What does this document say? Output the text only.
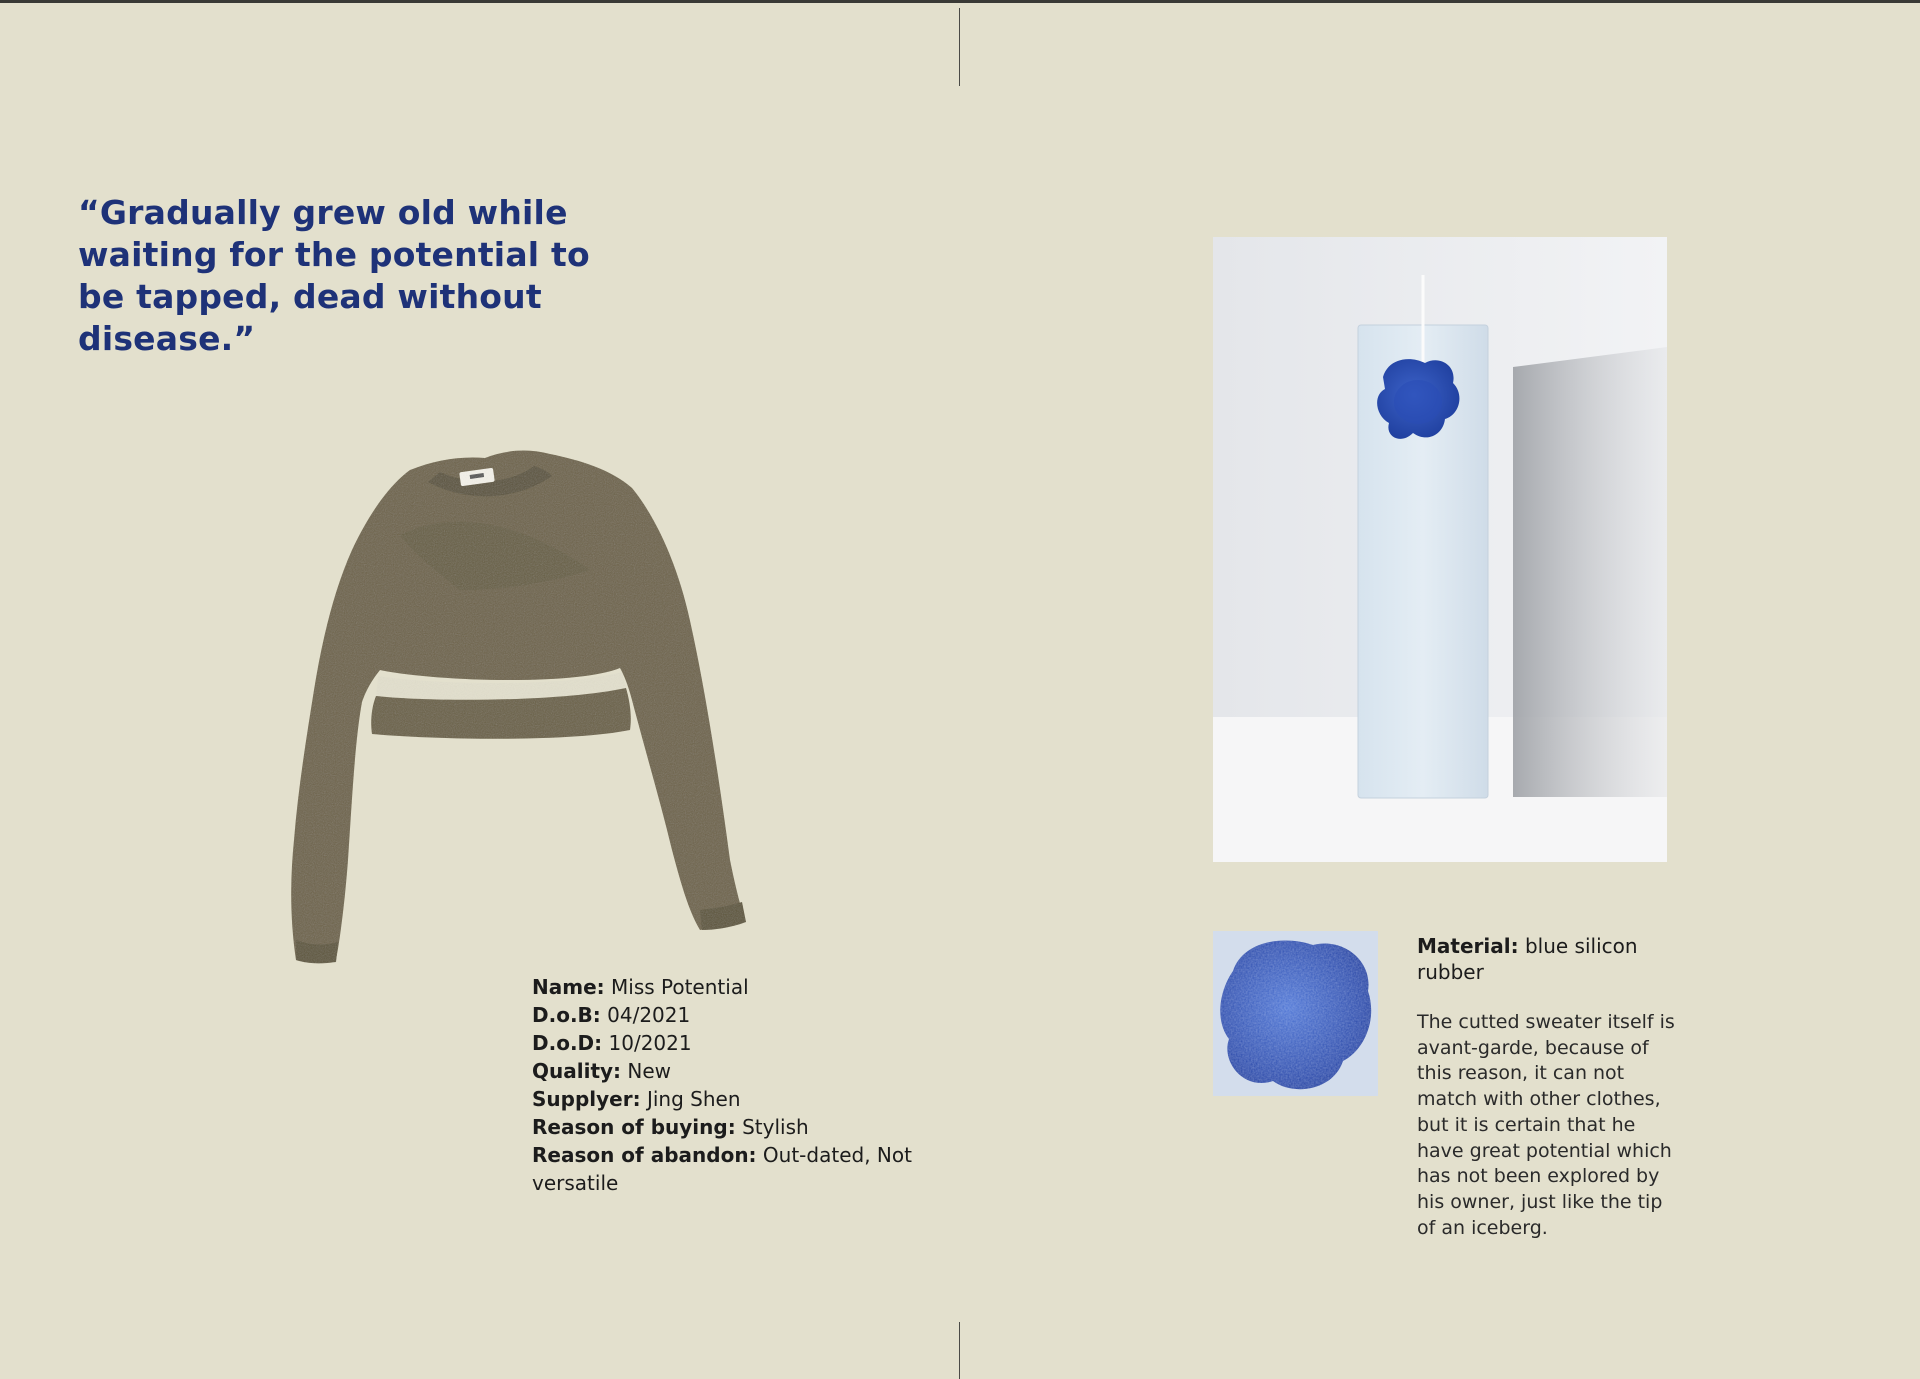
“Gradually grew old while waiting for the potential to be tapped, dead without disease.”

Name: Miss Potential

D.o.B: 04/2021

D.o.D: 10/2021

Quality: New

Supplyer: Jing Shen

Reason of buying: Stylish

Reason of abandon: Out-dated, Not versatile

Material: blue silicon rubber

The cutted sweater itself is avant-garde, because of this reason, it can not match with other clothes, but it is certain that he have great potential which has not been explored by his owner, just like the tip of an iceberg.
